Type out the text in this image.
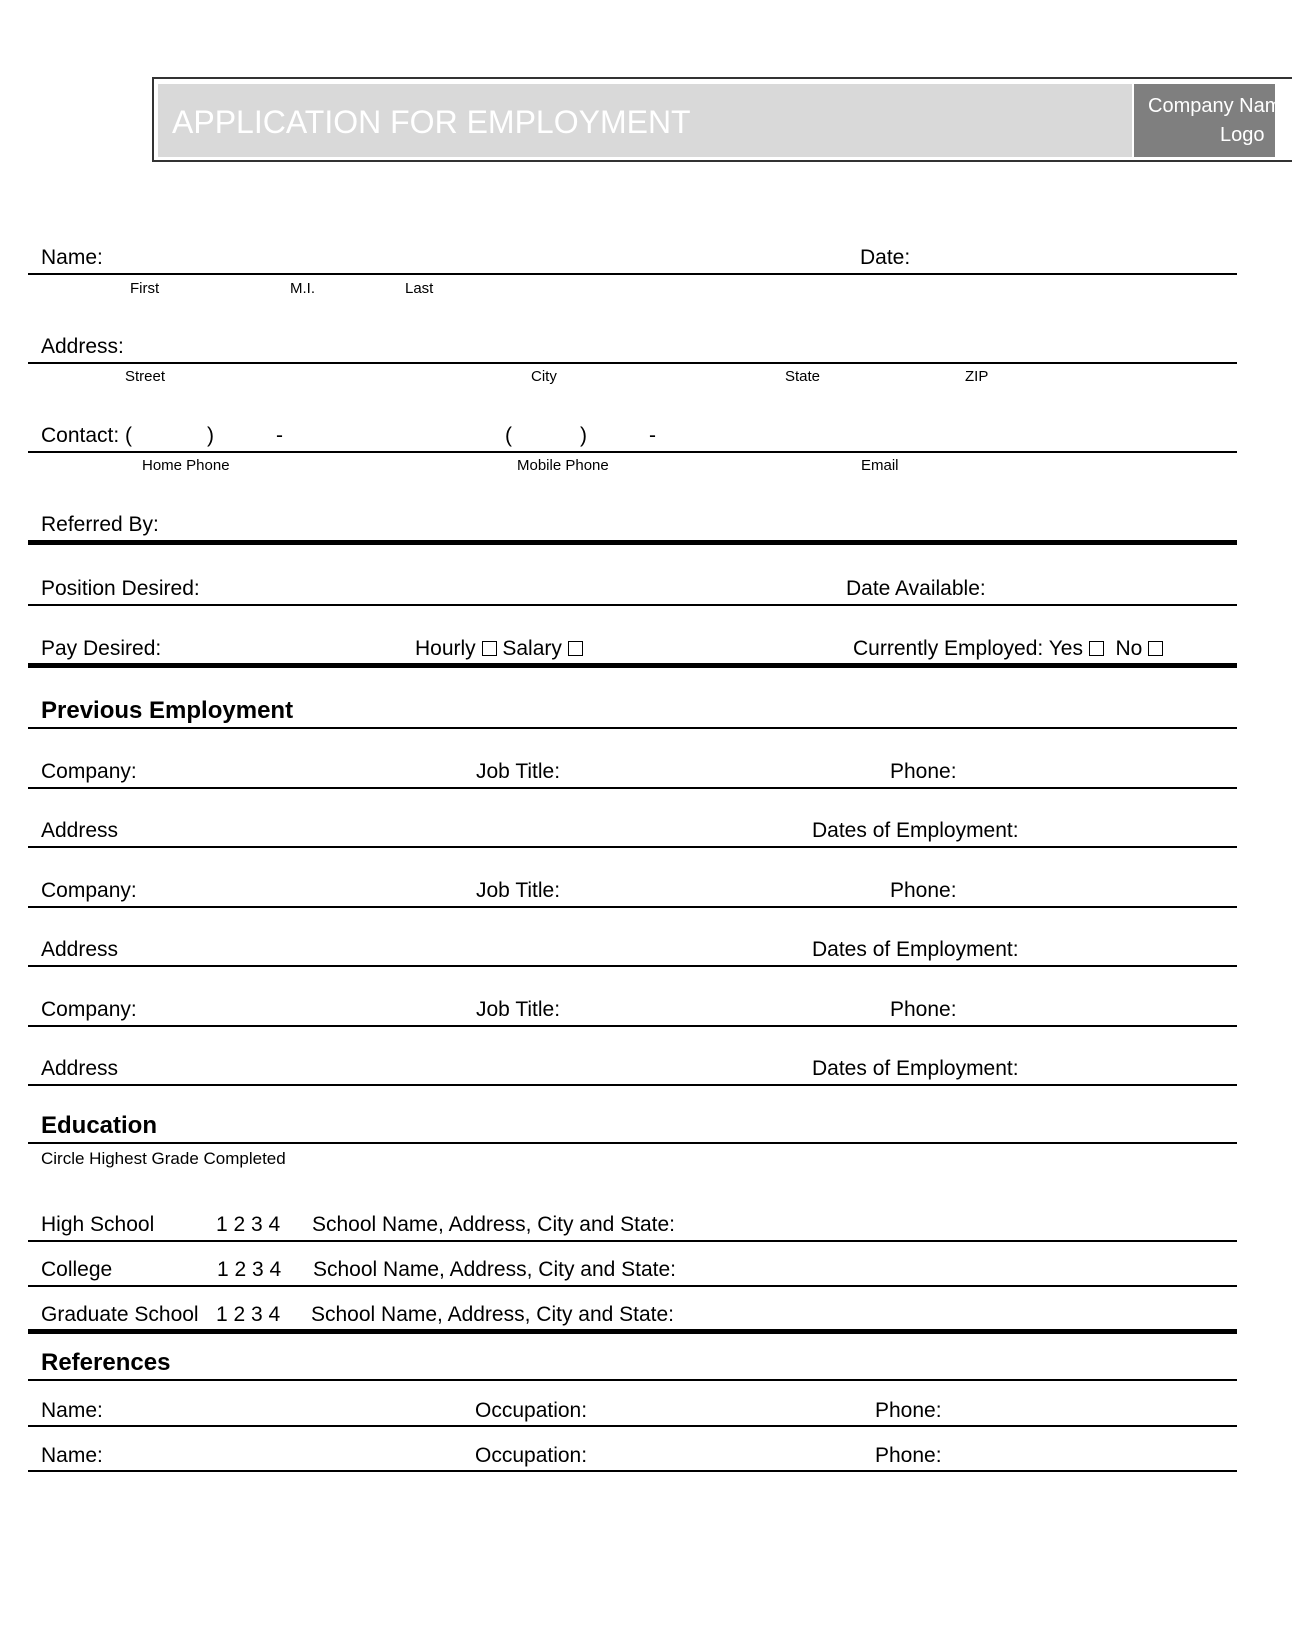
APPLICATION FOR EMPLOYMENT	Company Name
Logo
Name:	Date:
First	M.I.	Last
Address:
Street	City	State	ZIP
Contact: (	)	-	(	)	-
Home Phone	Mobile Phone	Email
Referred By:
Position Desired:	Date Available:
Pay Desired:	Hourly Salary	Currently Employed: Yes No
Previous Employment
Company:	Job Title:	Phone:
Address	Dates of Employment:
Company:	Job Title:	Phone:
Address	Dates of Employment:
Company:	Job Title:	Phone:
Address	Dates of Employment:
Education
Circle Highest Grade Completed
High School	1 2 3 4 School Name, Address, City and State:
College	1 2 3 4 School Name, Address, City and State:
Graduate School 1 2 3 4 School Name, Address, City and State:
References
Name:	Occupation:	Phone:
Name:	Occupation:	Phone:
